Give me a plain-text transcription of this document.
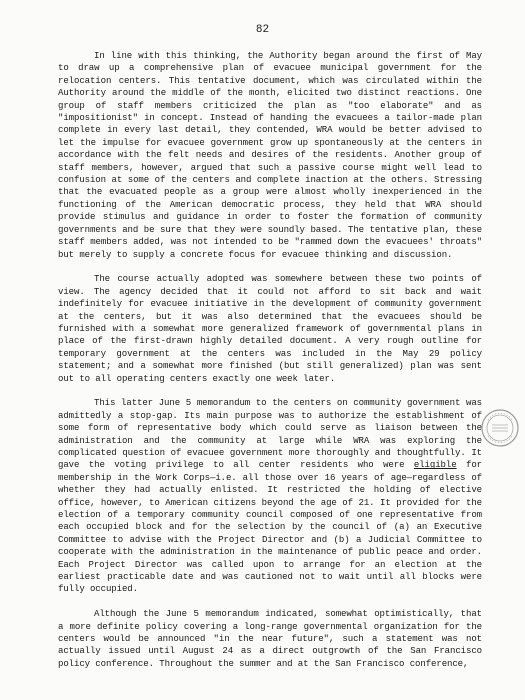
82

In line with this thinking, the Authority began around the first of May to draw up a comprehensive plan of evacuee municipal government for the relocation centers. This tentative document, which was circulated within the Authority around the middle of the month, elicited two distinct reactions. One group of staff members criticized the plan as "too elaborate" and as "impositionist" in concept. Instead of handing the evacuees a tailor-made plan complete in every last detail, they contended, WRA would be better advised to let the impulse for evacuee government grow up spontaneously at the centers in accordance with the felt needs and desires of the residents. Another group of staff members, however, argued that such a passive course might well lead to confusion at some of the centers and complete inaction at the others. Stressing that the evacuated people as a group were almost wholly inexperienced in the functioning of the American democratic process, they held that WRA should provide stimulus and guidance in order to foster the formation of community governments and be sure that they were soundly based. The tentative plan, these staff members added, was not intended to be "rammed down the evacuees' throats" but merely to supply a concrete focus for evacuee thinking and discussion.

The course actually adopted was somewhere between these two points of view. The agency decided that it could not afford to sit back and wait indefinitely for evacuee initiative in the development of community government at the centers, but it was also determined that the evacuees should be furnished with a somewhat more generalized framework of governmental plans in place of the first-drawn highly detailed document. A very rough outline for temporary government at the centers was included in the May 29 policy statement; and a somewhat more finished (but still generalized) plan was sent out to all operating centers exactly one week later.

This latter June 5 memorandum to the centers on community government was admittedly a stop-gap. Its main purpose was to authorize the establishment of some form of representative body which could serve as liaison between the administration and the community at large while WRA was exploring the complicated question of evacuee government more thoroughly and thoughtfully. It gave the voting privilege to all center residents who were eligible for membership in the Work Corps—i.e. all those over 16 years of age—regardless of whether they had actually enlisted. It restricted the holding of elective office, however, to American citizens beyond the age of 21. It provided for the election of a temporary community council composed of one representative from each occupied block and for the selection by the council of (a) an Executive Committee to advise with the Project Director and (b) a Judicial Committee to cooperate with the administration in the maintenance of public peace and order. Each Project Director was called upon to arrange for an election at the earliest practicable date and was cautioned not to wait until all blocks were fully occupied.

Although the June 5 memorandum indicated, somewhat optimistically, that a more definite policy covering a long-range governmental organization for the centers would be announced "in the near future", such a statement was not actually issued until August 24 as a direct outgrowth of the San Francisco policy conference. Throughout the summer and at the San Francisco conference,
